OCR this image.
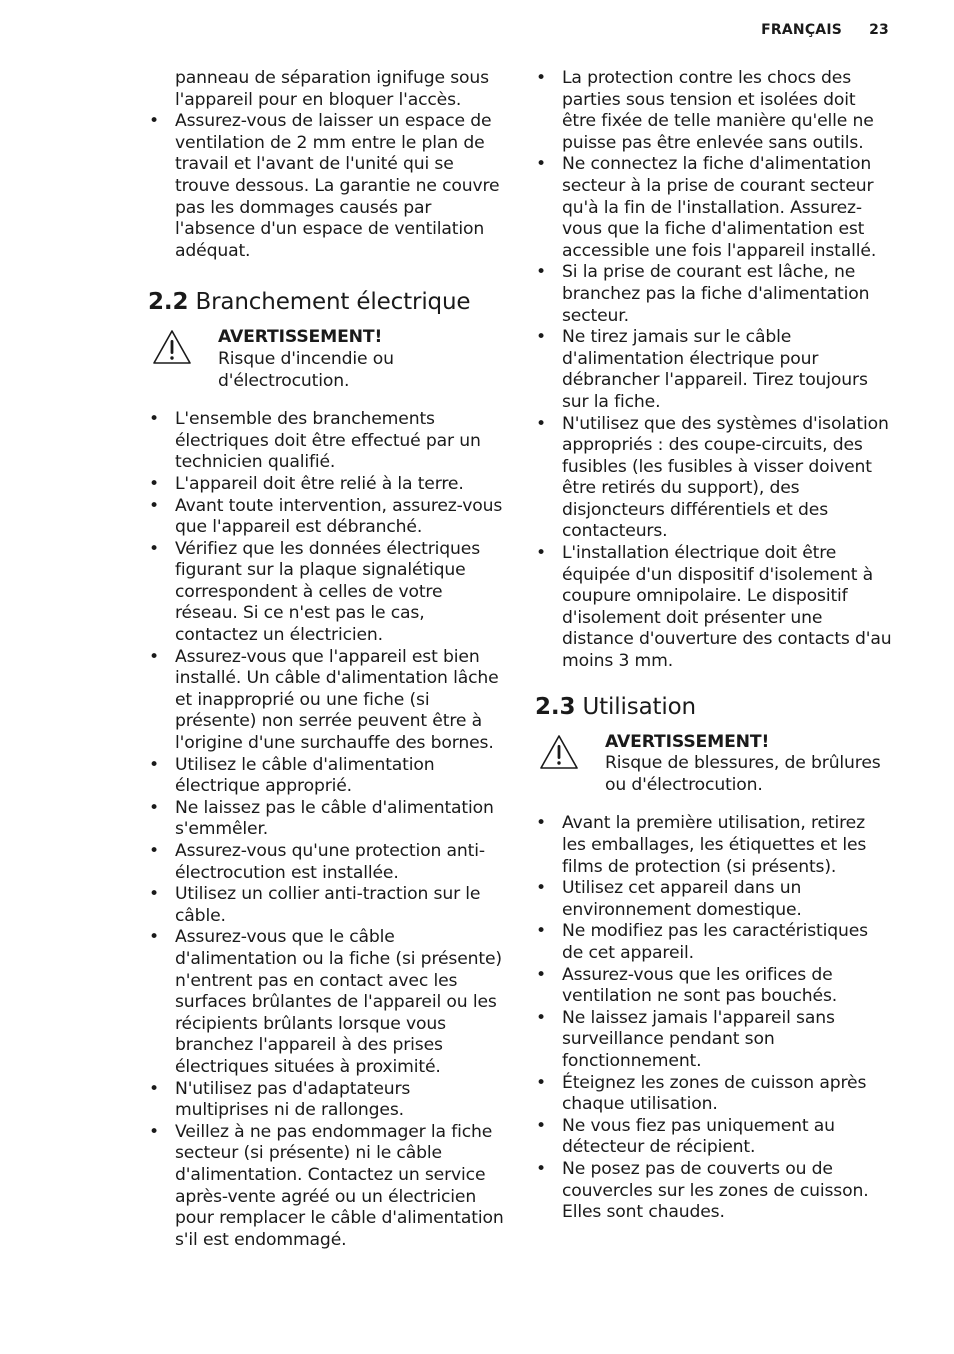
FRANÇAIS 23
panneau de séparation ignifuge sous l'appareil pour en bloquer l'accès.
• Assurez-vous de laisser un espace de ventilation de 2 mm entre le plan de travail et l'avant de l'unité qui se trouve dessous. La garantie ne couvre pas les dommages causés par l'absence d'un espace de ventilation adéquat.
2.2 Branchement électrique
AVERTISSEMENT!
Risque d'incendie ou d'électrocution.
• L'ensemble des branchements électriques doit être effectué par un technicien qualifié.
• L'appareil doit être relié à la terre.
• Avant toute intervention, assurez-vous que l'appareil est débranché.
• Vérifiez que les données électriques figurant sur la plaque signalétique correspondent à celles de votre réseau. Si ce n'est pas le cas, contactez un électricien.
• Assurez-vous que l'appareil est bien installé. Un câble d'alimentation lâche et inapproprié ou une fiche (si présente) non serrée peuvent être à l'origine d'une surchauffe des bornes.
• Utilisez le câble d'alimentation électrique approprié.
• Ne laissez pas le câble d'alimentation s'emmêler.
• Assurez-vous qu'une protection anti-électrocution est installée.
• Utilisez un collier anti-traction sur le câble.
• Assurez-vous que le câble d'alimentation ou la fiche (si présente) n'entrent pas en contact avec les surfaces brûlantes de l'appareil ou les récipients brûlants lorsque vous branchez l'appareil à des prises électriques situées à proximité.
• N'utilisez pas d'adaptateurs multiprises ni de rallonges.
• Veillez à ne pas endommager la fiche secteur (si présente) ni le câble d'alimentation. Contactez un service après-vente agréé ou un électricien pour remplacer le câble d'alimentation s'il est endommagé.
• La protection contre les chocs des parties sous tension et isolées doit être fixée de telle manière qu'elle ne puisse pas être enlevée sans outils.
• Ne connectez la fiche d'alimentation secteur à la prise de courant secteur qu'à la fin de l'installation. Assurez-vous que la fiche d'alimentation est accessible une fois l'appareil installé.
• Si la prise de courant est lâche, ne branchez pas la fiche d'alimentation secteur.
• Ne tirez jamais sur le câble d'alimentation électrique pour débrancher l'appareil. Tirez toujours sur la fiche.
• N'utilisez que des systèmes d'isolation appropriés : des coupe-circuits, des fusibles (les fusibles à visser doivent être retirés du support), des disjoncteurs différentiels et des contacteurs.
• L'installation électrique doit être équipée d'un dispositif d'isolement à coupure omnipolaire. Le dispositif d'isolement doit présenter une distance d'ouverture des contacts d'au moins 3 mm.
2.3 Utilisation
AVERTISSEMENT!
Risque de blessures, de brûlures ou d'électrocution.
• Avant la première utilisation, retirez les emballages, les étiquettes et les films de protection (si présents).
• Utilisez cet appareil dans un environnement domestique.
• Ne modifiez pas les caractéristiques de cet appareil.
• Assurez-vous que les orifices de ventilation ne sont pas bouchés.
• Ne laissez jamais l'appareil sans surveillance pendant son fonctionnement.
• Éteignez les zones de cuisson après chaque utilisation.
• Ne vous fiez pas uniquement au détecteur de récipient.
• Ne posez pas de couverts ou de couvercles sur les zones de cuisson. Elles sont chaudes.
